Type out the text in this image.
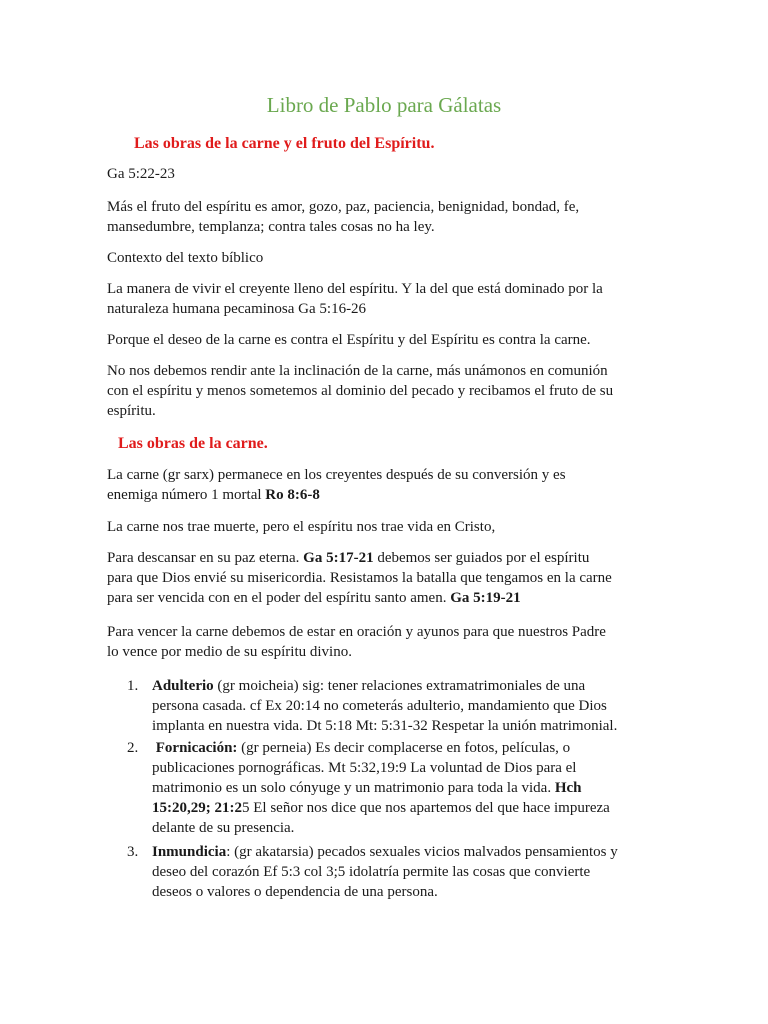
Libro de Pablo para Gálatas
Las obras de la carne y el fruto del Espíritu.

Ga 5:22-23

Más el fruto del espíritu es amor, gozo, paz, paciencia, benignidad, bondad, fe,
mansedumbre, templanza; contra tales cosas no ha ley.

Contexto del texto bíblico

La manera de vivir el creyente lleno del espíritu. Y la del que está dominado por la
naturaleza humana pecaminosa Ga 5:16-26

Porque el deseo de la carne es contra el Espíritu y del Espíritu es contra la carne.

No nos debemos rendir ante la inclinación de la carne, más unámonos en comunión
con el espíritu y menos sometemos al dominio del pecado y recibamos el fruto de su
espíritu.

Las obras de la carne.

La carne (gr sarx) permanece en los creyentes después de su conversión y es
enemiga número 1 mortal Ro 8:6-8

La carne nos trae muerte, pero el espíritu nos trae vida en Cristo,

Para descansar en su paz eterna. Ga 5:17-21 debemos ser guiados por el espíritu
para que Dios envié su misericordia. Resistamos la batalla que tengamos en la carne
para ser vencida con en el poder del espíritu santo amen. Ga 5:19-21

Para vencer la carne debemos de estar en oración y ayunos para que nuestros Padre
lo vence por medio de su espíritu divino.

1. Adulterio (gr moicheia) sig: tener relaciones extramatrimoniales de una
persona casada. cf Ex 20:14 no cometerás adulterio, mandamiento que Dios
implanta en nuestra vida. Dt 5:18 Mt: 5:31-32 Respetar la unión matrimonial.
2. Fornicación: (gr perneia) Es decir complacerse en fotos, películas, o
publicaciones pornográficas. Mt 5:32,19:9 La voluntad de Dios para el
matrimonio es un solo cónyuge y un matrimonio para toda la vida. Hch
15:20,29; 21:25 El señor nos dice que nos apartemos del que hace impureza
delante de su presencia.
3. Inmundicia: (gr akatarsia) pecados sexuales vicios malvados pensamientos y
deseo del corazón Ef 5:3 col 3;5 idolatría permite las cosas que convierte
deseos o valores o dependencia de una persona.
